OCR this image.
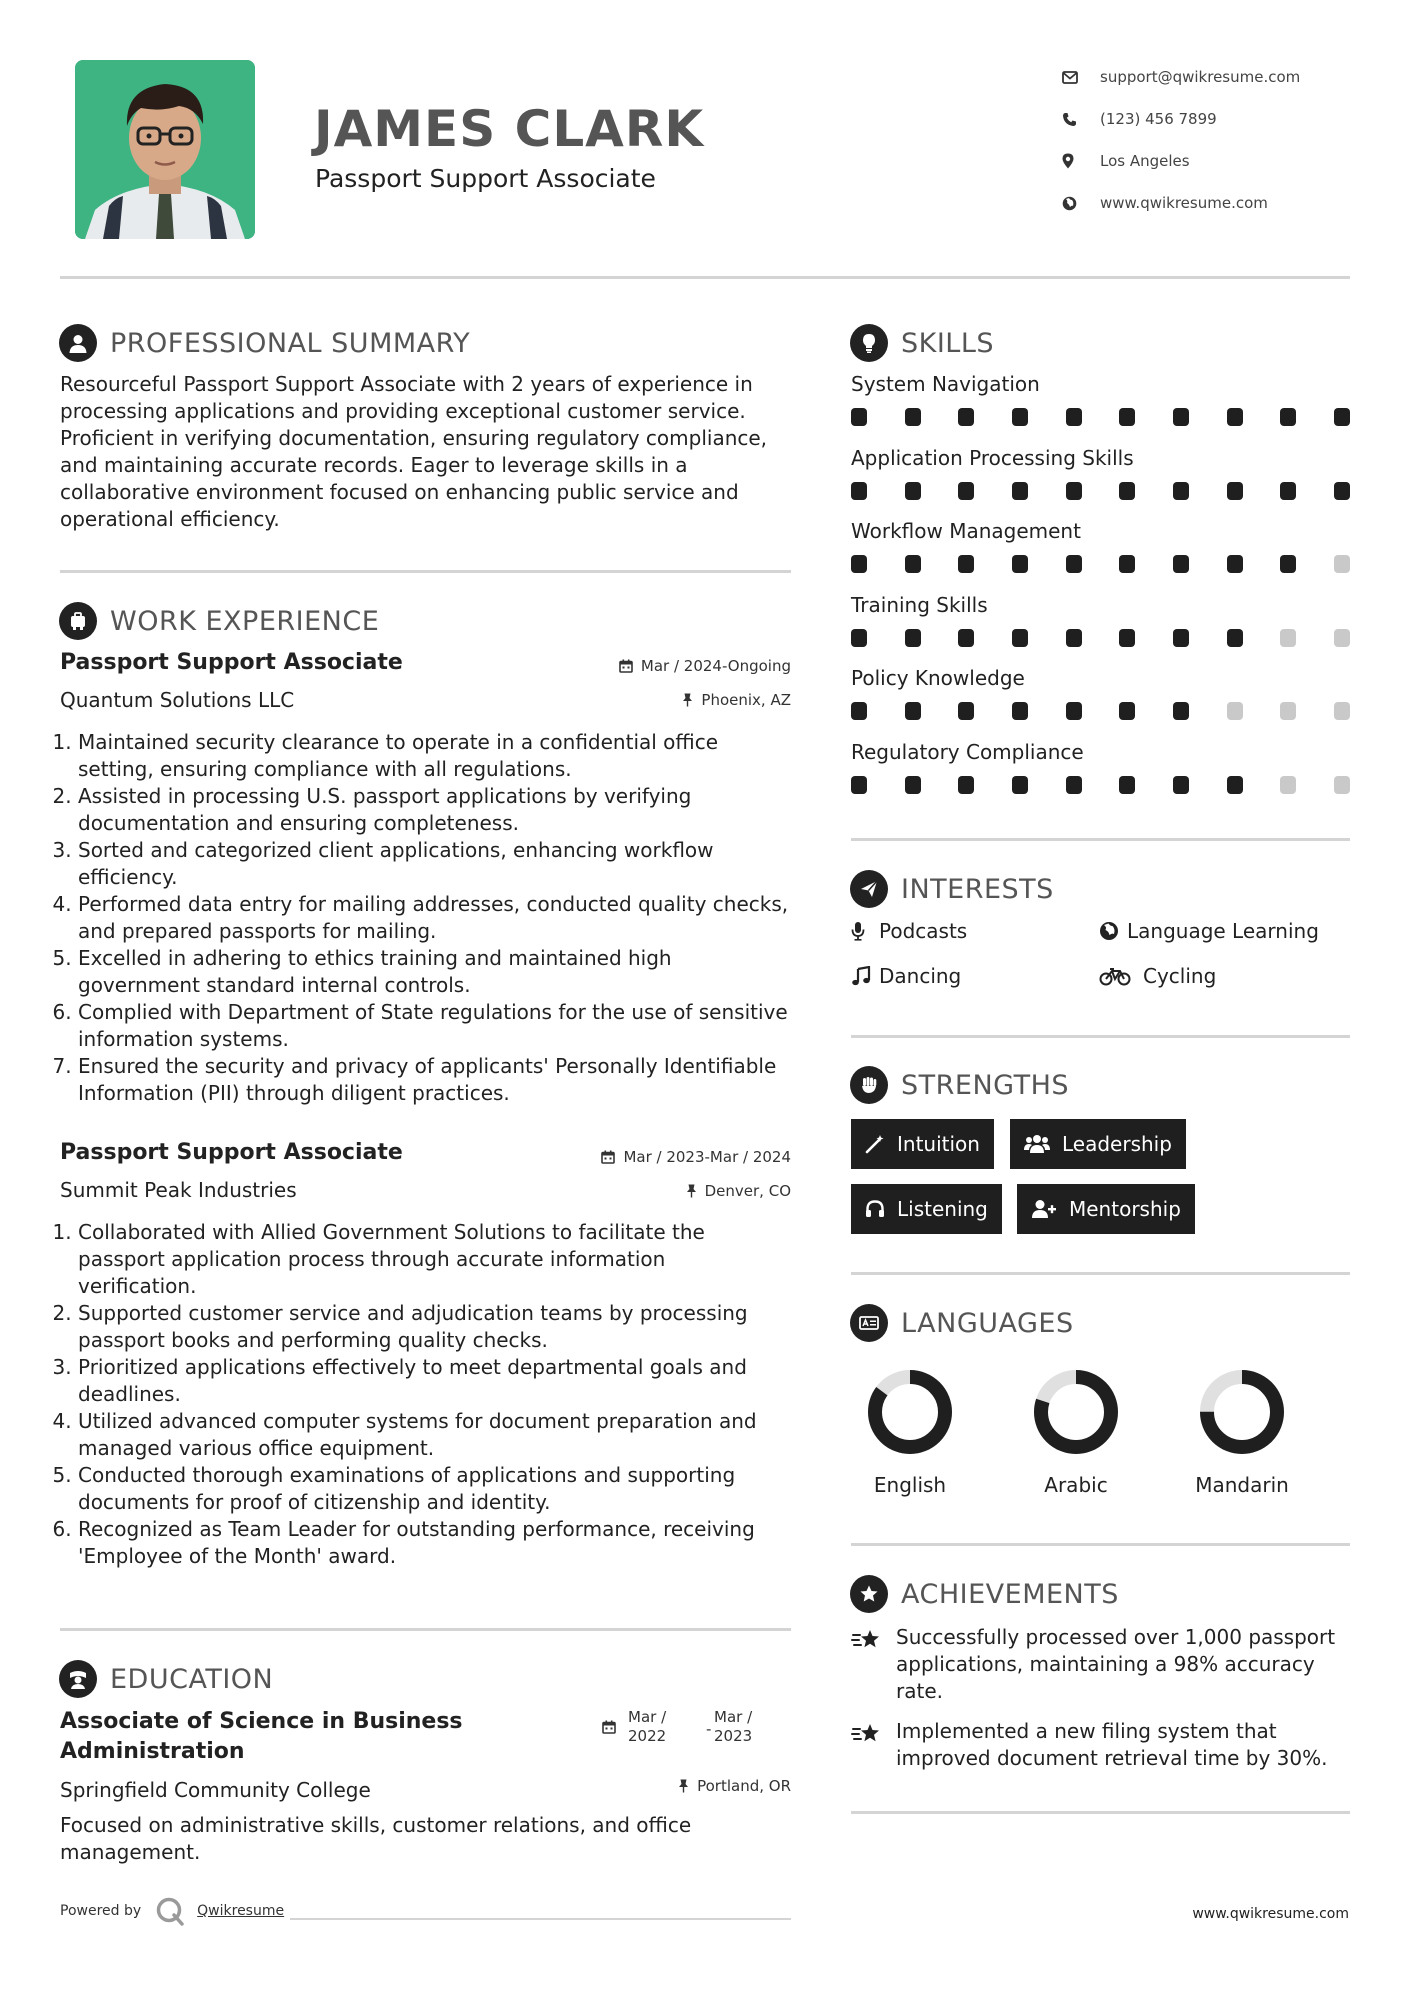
JAMES CLARK
Passport Support Associate
support@qwikresume.com
(123) 456 7899
Los Angeles
www.qwikresume.com
PROFESSIONAL SUMMARY
Resourceful Passport Support Associate with 2 years of experience in processing applications and providing exceptional customer service. Proficient in verifying documentation, ensuring regulatory compliance, and maintaining accurate records. Eager to leverage skills in a collaborative environment focused on enhancing public service and operational efficiency.
WORK EXPERIENCE
Passport Support Associate	Mar / 2024-Ongoing
Quantum Solutions LLC	Phoenix, AZ
1. Maintained security clearance to operate in a confidential office setting, ensuring compliance with all regulations.
2. Assisted in processing U.S. passport applications by verifying documentation and ensuring completeness.
3. Sorted and categorized client applications, enhancing workflow efficiency.
4. Performed data entry for mailing addresses, conducted quality checks, and prepared passports for mailing.
5. Excelled in adhering to ethics training and maintained high government standard internal controls.
6. Complied with Department of State regulations for the use of sensitive information systems.
7. Ensured the security and privacy of applicants' Personally Identifiable Information (PII) through diligent practices.
Passport Support Associate	Mar / 2023-Mar / 2024
Summit Peak Industries	Denver, CO
1. Collaborated with Allied Government Solutions to facilitate the passport application process through accurate information verification.
2. Supported customer service and adjudication teams by processing passport books and performing quality checks.
3. Prioritized applications effectively to meet departmental goals and deadlines.
4. Utilized advanced computer systems for document preparation and managed various office equipment.
5. Conducted thorough examinations of applications and supporting documents for proof of citizenship and identity.
6. Recognized as Team Leader for outstanding performance, receiving 'Employee of the Month' award.
EDUCATION
Associate of Science in Business
Administration
Mar /
2022	-
Mar /
2023
Springfield Community College	Portland, OR
Focused on administrative skills, customer relations, and office management.
SKILLS
System Navigation
Application Processing Skills
Workflow Management
Training Skills
Policy Knowledge
Regulatory Compliance
INTERESTS
Podcasts	Language Learning
Dancing	Cycling
STRENGTHS
Intuition	Leadership
Listening	Mentorship
LANGUAGES
English	Arabic	Mandarin
ACHIEVEMENTS
Successfully processed over 1,000 passport applications, maintaining a 98% accuracy rate.
Implemented a new filing system that improved document retrieval time by 30%.
Powered by	Qwikresume	www.qwikresume.com
